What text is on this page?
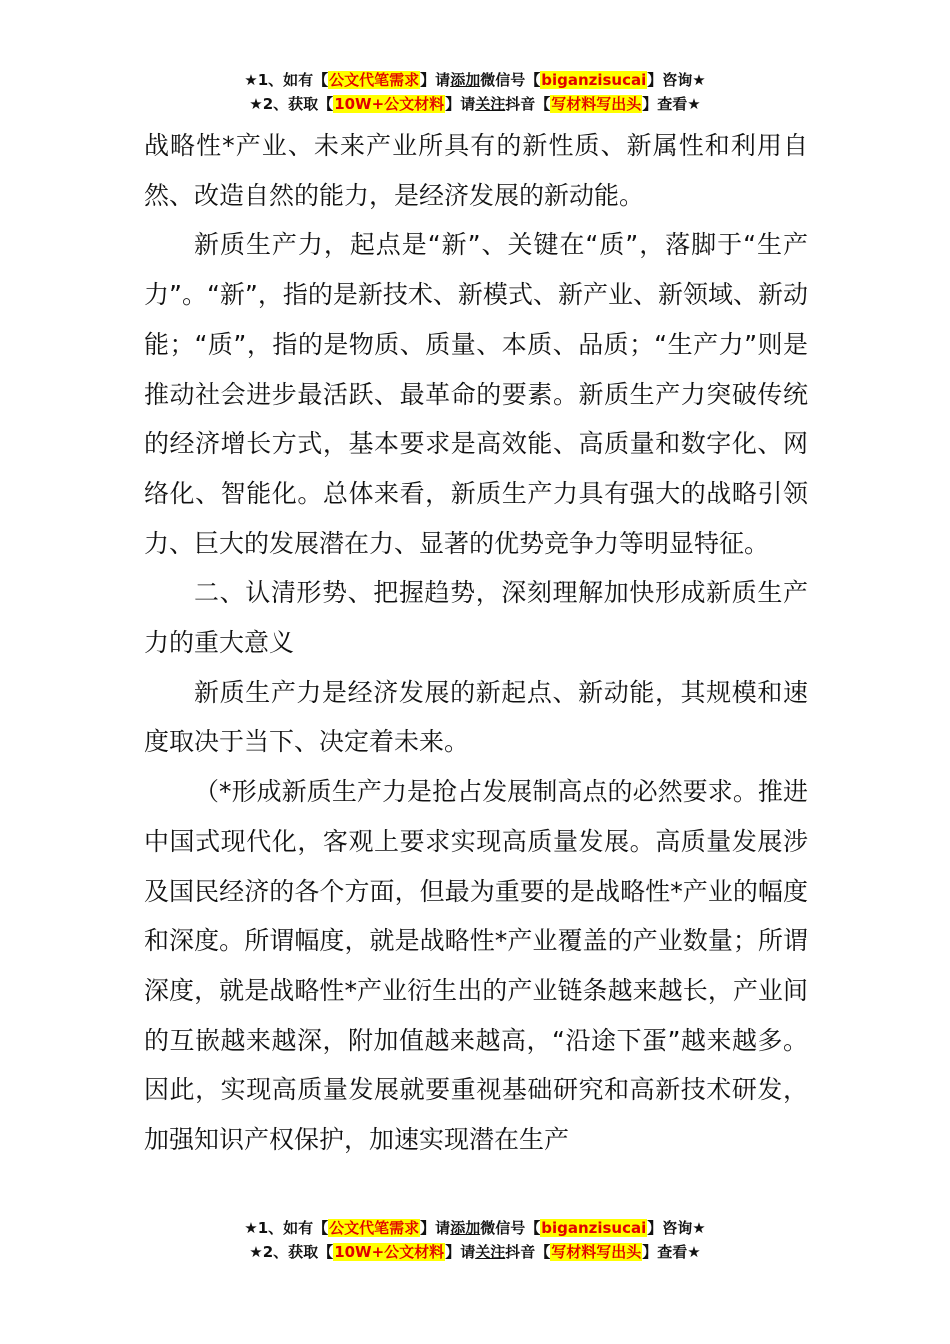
★1、如有【公文代笔需求】请添加微信号【biganzisucai】咨询★
★2、获取【10W+公文材料】请关注抖音【写材料写出头】查看★

战略性*产业、未来产业所具有的新性质、新属性和利用自然、改造自然的能力，是经济发展的新动能。

新质生产力，起点是“新”、关键在“质”，落脚于“生产力”。“新”，指的是新技术、新模式、新产业、新领域、新动能；“质”，指的是物质、质量、本质、品质；“生产力”则是推动社会进步最活跃、最革命的要素。新质生产力突破传统的经济增长方式，基本要求是高效能、高质量和数字化、网络化、智能化。总体来看，新质生产力具有强大的战略引领力、巨大的发展潜在力、显著的优势竞争力等明显特征。

二、认清形势、把握趋势，深刻理解加快形成新质生产力的重大意义

新质生产力是经济发展的新起点、新动能，其规模和速度取决于当下、决定着未来。

（*形成新质生产力是抢占发展制高点的必然要求。推进中国式现代化，客观上要求实现高质量发展。高质量发展涉及国民经济的各个方面，但最为重要的是战略性*产业的幅度和深度。所谓幅度，就是战略性*产业覆盖的产业数量；所谓深度，就是战略性*产业衍生出的产业链条越来越长，产业间的互嵌越来越深，附加值越来越高，“沿途下蛋”越来越多。因此，实现高质量发展就要重视基础研究和高新技术研发，加强知识产权保护，加速实现潜在生产

★1、如有【公文代笔需求】请添加微信号【biganzisucai】咨询★
★2、获取【10W+公文材料】请关注抖音【写材料写出头】查看★
